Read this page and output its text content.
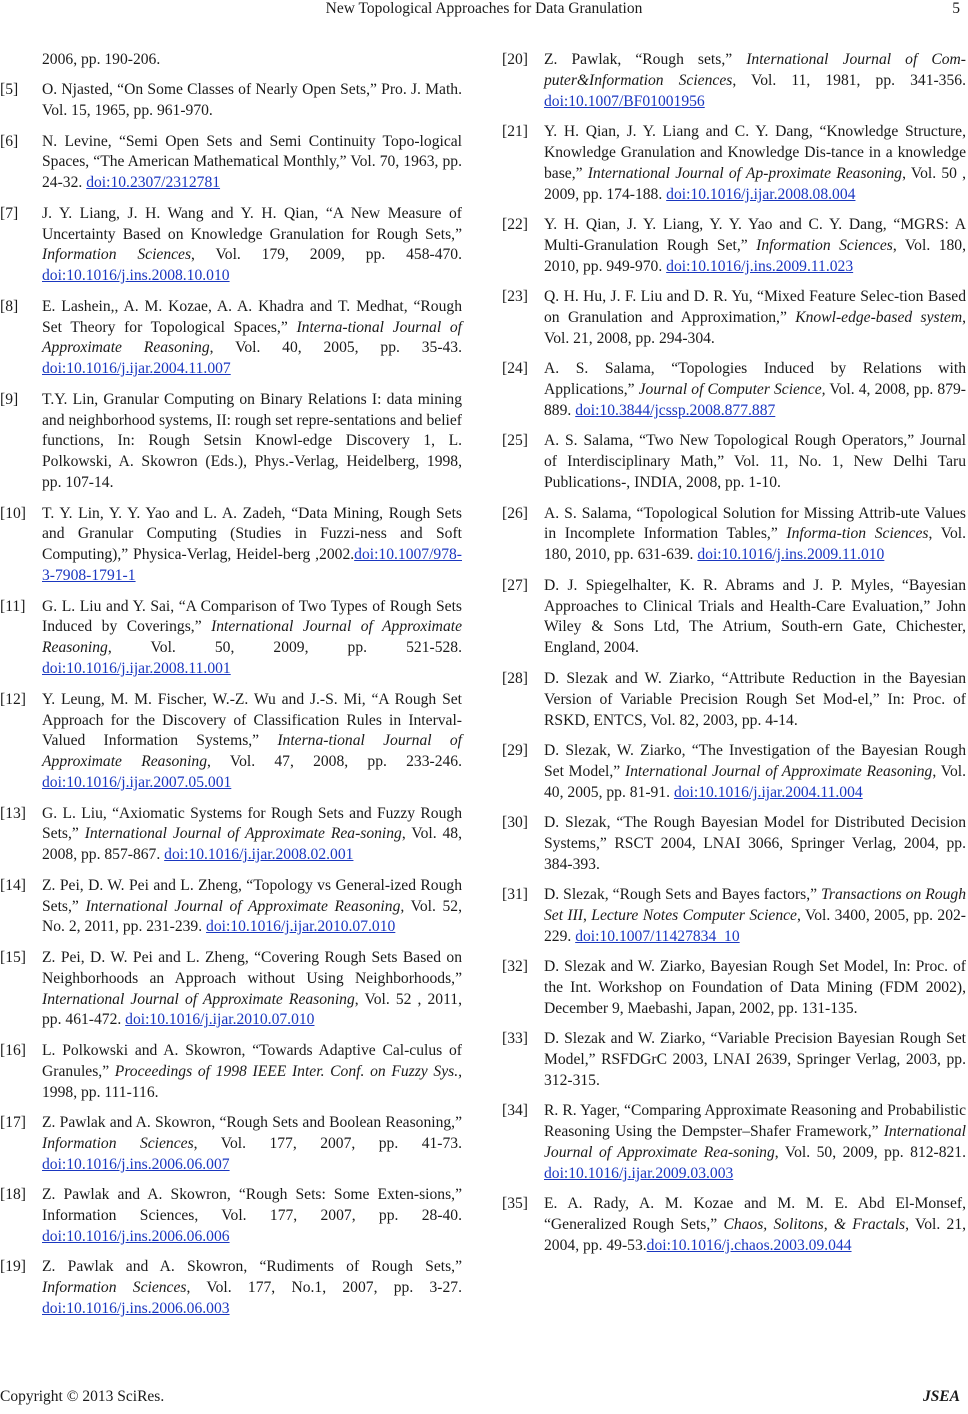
New Topological Approaches for Data Granulation	5
2006, pp. 190-206.
[5] O. Njasted, “On Some Classes of Nearly Open Sets,” Pro. J. Math. Vol. 15, 1965, pp. 961-970.
[6] N. Levine, “Semi Open Sets and Semi Continuity Topo-logical Spaces, “The American Mathematical Monthly,” Vol. 70, 1963, pp. 24-32. doi:10.2307/2312781
[7] J. Y. Liang, J. H. Wang and Y. H. Qian, “A New Measure of Uncertainty Based on Knowledge Granulation for Rough Sets,” Information Sciences, Vol. 179, 2009, pp. 458-470. doi:10.1016/j.ins.2008.10.010
[8] E. Lashein,, A. M. Kozae, A. A. Khadra and T. Medhat, “Rough Set Theory for Topological Spaces,” Interna-tional Journal of Approximate Reasoning, Vol. 40, 2005, pp. 35-43. doi:10.1016/j.ijar.2004.11.007
[9] T.Y. Lin, Granular Computing on Binary Relations I: data mining and neighborhood systems, II: rough set repre-sentations and belief functions, In: Rough Setsin Knowl-edge Discovery 1, L. Polkowski, A. Skowron (Eds.), Phys.-Verlag, Heidelberg, 1998, pp. 107-14.
[10] T. Y. Lin, Y. Y. Yao and L. A. Zadeh, “Data Mining, Rough Sets and Granular Computing (Studies in Fuzzi-ness and Soft Computing),” Physica-Verlag, Heidel-berg ,2002.doi:10.1007/978-3-7908-1791-1
[11] G. L. Liu and Y. Sai, “A Comparison of Two Types of Rough Sets Induced by Coverings,” International Journal of Approximate Reasoning, Vol. 50, 2009, pp. 521-528. doi:10.1016/j.ijar.2008.11.001
[12] Y. Leung, M. M. Fischer, W.-Z. Wu and J.-S. Mi, “A Rough Set Approach for the Discovery of Classification Rules in Interval-Valued Information Systems,” Interna-tional Journal of Approximate Reasoning, Vol. 47, 2008, pp. 233-246. doi:10.1016/j.ijar.2007.05.001
[13] G. L. Liu, “Axiomatic Systems for Rough Sets and Fuzzy Rough Sets,” International Journal of Approximate Rea-soning, Vol. 48, 2008, pp. 857-867. doi:10.1016/j.ijar.2008.02.001
[14] Z. Pei, D. W. Pei and L. Zheng, “Topology vs General-ized Rough Sets,” International Journal of Approximate Reasoning, Vol. 52, No. 2, 2011, pp. 231-239. doi:10.1016/j.ijar.2010.07.010
[15] Z. Pei, D. W. Pei and L. Zheng, “Covering Rough Sets Based on Neighborhoods an Approach without Using Neighborhoods,” International Journal of Approximate Reasoning, Vol. 52 , 2011, pp. 461-472. doi:10.1016/j.ijar.2010.07.010
[16] L. Polkowski and A. Skowron, “Towards Adaptive Cal-culus of Granules,” Proceedings of 1998 IEEE Inter. Conf. on Fuzzy Sys., 1998, pp. 111-116.
[17] Z. Pawlak and A. Skowron, “Rough Sets and Boolean Reasoning,” Information Sciences, Vol. 177, 2007, pp. 41-73. doi:10.1016/j.ins.2006.06.007
[18] Z. Pawlak and A. Skowron, “Rough Sets: Some Exten-sions,” Information Sciences, Vol. 177, 2007, pp. 28-40. doi:10.1016/j.ins.2006.06.006
[19] Z. Pawlak and A. Skowron, “Rudiments of Rough Sets,” Information Sciences, Vol. 177, No.1, 2007, pp. 3-27. doi:10.1016/j.ins.2006.06.003
[20] Z. Pawlak, “Rough sets,” International Journal of Com-puter&Information Sciences, Vol. 11, 1981, pp. 341-356. doi:10.1007/BF01001956
[21] Y. H. Qian, J. Y. Liang and C. Y. Dang, “Knowledge Structure, Knowledge Granulation and Knowledge Dis-tance in a knowledge base,” International Journal of Ap-proximate Reasoning, Vol. 50 , 2009, pp. 174-188. doi:10.1016/j.ijar.2008.08.004
[22] Y. H. Qian, J. Y. Liang, Y. Y. Yao and C. Y. Dang, “MGRS: A Multi-Granulation Rough Set,” Information Sciences, Vol. 180, 2010, pp. 949-970. doi:10.1016/j.ins.2009.11.023
[23] Q. H. Hu, J. F. Liu and D. R. Yu, “Mixed Feature Selec-tion Based on Granulation and Approximation,” Knowl-edge-based system, Vol. 21, 2008, pp. 294-304.
[24] A. S. Salama, “Topologies Induced by Relations with Applications,” Journal of Computer Science, Vol. 4, 2008, pp. 879-889. doi:10.3844/jcssp.2008.877.887
[25] A. S. Salama, “Two New Topological Rough Operators,” Journal of Interdisciplinary Math,” Vol. 11, No. 1, New Delhi Taru Publications-, INDIA, 2008, pp. 1-10.
[26] A. S. Salama, “Topological Solution for Missing Attrib-ute Values in Incomplete Information Tables,” Informa-tion Sciences, Vol. 180, 2010, pp. 631-639. doi:10.1016/j.ins.2009.11.010
[27] D. J. Spiegelhalter, K. R. Abrams and J. P. Myles, “Bayesian Approaches to Clinical Trials and Health-Care Evaluation,” John Wiley & Sons Ltd, The Atrium, South-ern Gate, Chichester, England, 2004.
[28] D. Slezak and W. Ziarko, “Attribute Reduction in the Bayesian Version of Variable Precision Rough Set Mod-el,” In: Proc. of RSKD, ENTCS, Vol. 82, 2003, pp. 4-14.
[29] D. Slezak, W. Ziarko, “The Investigation of the Bayesian Rough Set Model,” International Journal of Approximate Reasoning, Vol. 40, 2005, pp. 81-91. doi:10.1016/j.ijar.2004.11.004
[30] D. Slezak, “The Rough Bayesian Model for Distributed Decision Systems,” RSCT 2004, LNAI 3066, Springer Verlag, 2004, pp. 384-393.
[31] D. Slezak, “Rough Sets and Bayes factors,” Transactions on Rough Set III, Lecture Notes Computer Science, Vol. 3400, 2005, pp. 202-229. doi:10.1007/11427834_10
[32] D. Slezak and W. Ziarko, Bayesian Rough Set Model, In: Proc. of the Int. Workshop on Foundation of Data Mining (FDM 2002), December 9, Maebashi, Japan, 2002, pp. 131-135.
[33] D. Slezak and W. Ziarko, “Variable Precision Bayesian Rough Set Model,” RSFDGrC 2003, LNAI 2639, Springer Verlag, 2003, pp. 312-315.
[34] R. R. Yager, “Comparing Approximate Reasoning and Probabilistic Reasoning Using the Dempster–Shafer Framework,” International Journal of Approximate Rea-soning, Vol. 50, 2009, pp. 812-821. doi:10.1016/j.ijar.2009.03.003
[35] E. A. Rady, A. M. Kozae and M. M. E. Abd El-Monsef, “Generalized Rough Sets,” Chaos, Solitons, & Fractals, Vol. 21, 2004, pp. 49-53.doi:10.1016/j.chaos.2003.09.044
Copyright © 2013 SciRes.	JSEA
